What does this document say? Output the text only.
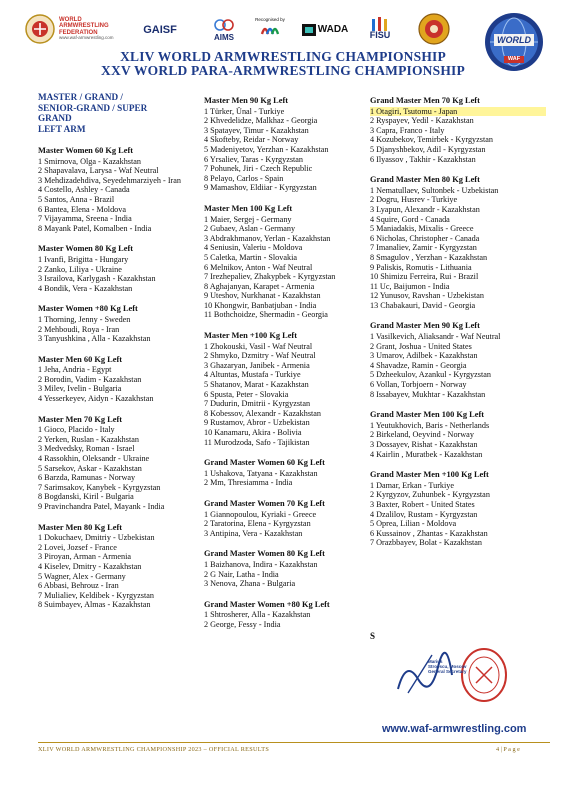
WORLD ARMWRESTLING FEDERATION
www.waf-armwrestling.com
GAISF
AIMS
Recognised by
WADA
FISU	WORLD
WAF
XLIV WORLD ARMWRESTLING CHAMPIONSHIP
XXV WORLD PARA-ARMWRESTLING CHAMPIONSHIP
MASTER / GRAND /
SENIOR-GRAND / SUPER
GRAND
LEFT ARM
Master Women 60 Kg Left
1 Smirnova, Olga - Kazakhstan
2 Shapavalava, Larysa - Waf Neutral
3 Mehdizadehdiva, Seyedehmarziyeh - Iran
4 Costello, Ashley - Canada
5 Santos, Anna - Brazil
6 Bantea, Elena - Moldova
7 Vijayamma, Sreena - India
8 Mayank Patel, Komalben - India
Master Women 80 Kg Left
1 Ivanfi, Brigitta - Hungary
2 Zanko, Liliya - Ukraine
3 Israilova, Karlygash - Kazakhstan
4 Bondik, Vera - Kazakhstan
Master Women +80 Kg Left
1 Thorning, Jenny - Sweden
2 Mehboudi, Roya - Iran
3 Tanyushkina , Alla - Kazakhstan
Master Men 60 Kg Left
1 Jeha, Andria - Egypt
2 Borodin, Vadim - Kazakhstan
3 Milev, Ivelin - Bulgaria
4 Yesserkeyev, Aidyn - Kazakhstan
Master Men 70 Kg Left
1 Gioco, Placido - Italy
2 Yerken, Ruslan - Kazakhstan
3 Medvedsky, Roman - Israel
4 Rassokhin, Oleksandr - Ukraine
5 Sarsekov, Askar - Kazakhstan
6 Barzda, Ramunas - Norway
7 Sarimsakov, Kanybek - Kyrgyzstan
8 Bogdanski, Kiril - Bulgaria
9 Pravinchandra Patel, Mayank - India
Master Men 80 Kg Left
1 Dokuchaev, Dmitriy - Uzbekistan
2 Lovei, Jozsef - France
3 Piroyan, Arman - Armenia
4 Kiselev, Dmitry - Kazakhstan
5 Wagner, Alex - Germany
6 Abbasi, Behrouz - Iran
7 Mulialiev, Keldibek - Kyrgyzstan
8 Suimbayev, Almas - Kazakhstan
Master Men 90 Kg Left
1 Türker, Ünal - Turkiye
2 Khvedelidze, Malkhaz - Georgia
3 Spatayev, Timur - Kazakhstan
4 Skofteby, Reidar - Norway
5 Madeniyetov, Yerzhan - Kazakhstan
6 Yrsaliev, Taras - Kyrgyzstan
7 Pohunek, Jiri - Czech Republic
8 Pelayo, Carlos - Spain
9 Mamashov, Eldiiar - Kyrgyzstan
Master Men 100 Kg Left
1 Maier, Sergej - Germany
2 Gubaev, Aslan - Germany
3 Abdrakhmanov, Yerlan - Kazakhstan
4 Seniusin, Valeriu - Moldova
5 Caletka, Martin - Slovakia
6 Melnikov, Anton - Waf Neutral
7 Irezhepaliev, Zhakypbek - Kyrgyzstan
8 Aghajanyan, Karapet - Armenia
9 Uteshov, Nurkhanat - Kazakhstan
10 Khongwir, Banbatjuban - India
11 Bothchoidze, Shermadin - Georgia
Master Men +100 Kg Left
1 Zhokouski, Vasil - Waf Neutral
2 Shmyko, Dzmitry - Waf Neutral
3 Ghazaryan, Janibek - Armenia
4 Altuntas, Mustafa - Turkiye
5 Shatanov, Marat - Kazakhstan
6 Spusta, Peter - Slovakia
7 Dudurin, Dmitrii - Kyrgyzstan
8 Kobessov, Alexandr - Kazakhstan
9 Rustamov, Abror - Uzbekistan
10 Kanamaru, Akira - Bolivia
11 Murodzoda, Safo - Tajikistan
Grand Master Women 60 Kg Left
1 Ushakova, Tatyana - Kazakhstan
2 Mm, Thresiamma - India
Grand Master Women 70 Kg Left
1 Giannopoulou, Kyriaki - Greece
2 Taratorina, Elena - Kyrgyzstan
3 Antipina, Vera - Kazakhstan
Grand Master Women 80 Kg Left
1 Baizhanova, Indira - Kazakhstan
2 G Nair, Latha - India
3 Nenova, Zhana - Bulgaria
Grand Master Women +80 Kg Left
1 Shtrosherer, Alla - Kazakhstan
2 George, Fessy - India
Grand Master Men 70 Kg Left
1 Otagiri, Tsutomu - Japan
2 Ryspayev, Yedil - Kazakhstan
3 Capra, Franco - Italy
4 Kozubekov, Temirbek - Kyrgyzstan
5 Djanyshbekov, Adil - Kyrgyzstan
6 Ilyassov , Takhir - Kazakhstan
Grand Master Men 80 Kg Left
1 Nematullaev, Sultonbek - Uzbekistan
2 Dogru, Husrev - Turkiye
3 Lyapun, Alexandr - Kazakhstan
4 Squire, Gord - Canada
5 Maniadakis, Mixalis - Greece
6 Nicholas, Christopher - Canada
7 Imanaliev, Zamir - Kyrgyzstan
8 Smagulov , Yerzhan - Kazakhstan
9 Paliskis, Romutis - Lithuania
10 Shimizu Ferreira, Rui - Brazil
11 Uc, Baijumon - India
12 Yunusov, Ravshan - Uzbekistan
13 Chabakauri, David - Georgia
Grand Master Men 90 Kg Left
1 Vasilkevich, Aliaksandr - Waf Neutral
2 Grant, Joshua - United States
3 Umarov, Adilbek - Kazakhstan
4 Shavadze, Ramin - Georgia
5 Dzheekulov, Azankul - Kyrgyzstan
6 Vollan, Torbjoern - Norway
8 Issabayev, Mukhtar - Kazakhstan
Grand Master Men 100 Kg Left
1 Yeutukhovich, Baris - Netherlands
2 Birkeland, Oeyvind - Norway
3 Dossayev, Rishat - Kazakhstan
4 Kairlin , Muratbek - Kazakhstan
Grand Master Men +100 Kg Left
1 Damar, Erkan - Turkiye
2 Kyrgyzov, Zuhunbek - Kyrgyzstan
3 Baxter, Robert - United States
4 Dzalilov, Rustam - Kyrgyzstan
5 Oprea, Lilian - Moldova
6 Kussainov , Zhantas - Kazakhstan
7 Orazbbayev, Bolat - Kazakhstan
S
Marius
Stroescu, Moscov
General Secretary
www.waf-armwrestling.com
XLIV WORLD ARMWRESTLING CHAMPIONSHIP 2023 – OFFICIAL RESULTS	4 | P a g e
